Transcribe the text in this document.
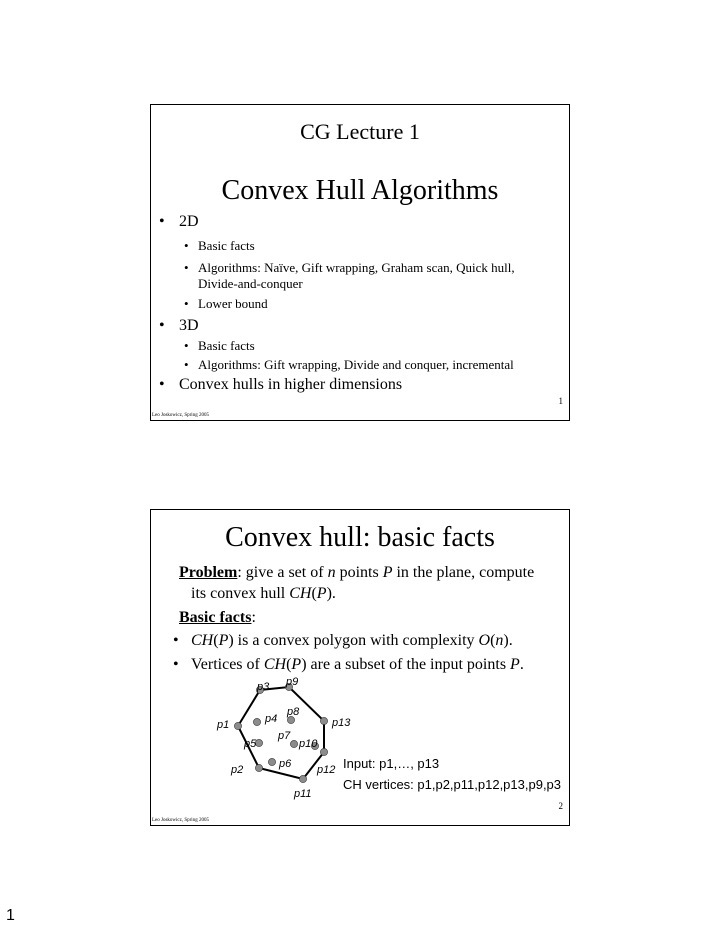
CG Lecture 1
Convex Hull Algorithms
• 2D
• Basic facts
• Algorithms: Naïve, Gift wrapping, Graham scan, Quick hull,
Divide-and-conquer
• Lower bound
• 3D
• Basic facts
• Algorithms: Gift wrapping, Divide and conquer, incremental
• Convex hulls in higher dimensions
1
Leo Joskowicz, Spring 2005
Convex hull: basic facts
Problem: give a set of n points P in the plane, compute
its convex hull CH(P).
Basic facts:
• CH(P) is a convex polygon with complexity O(n).
• Vertices of CH(P) are a subset of the input points P.
p3 p9
p8
p4	p13
p1
p7
p5	p10
p6
p2	p12
p11
Input: p1,…, p13
CH vertices: p1,p2,p11,p12,p13,p9,p3
2
Leo Joskowicz, Spring 2005
1
